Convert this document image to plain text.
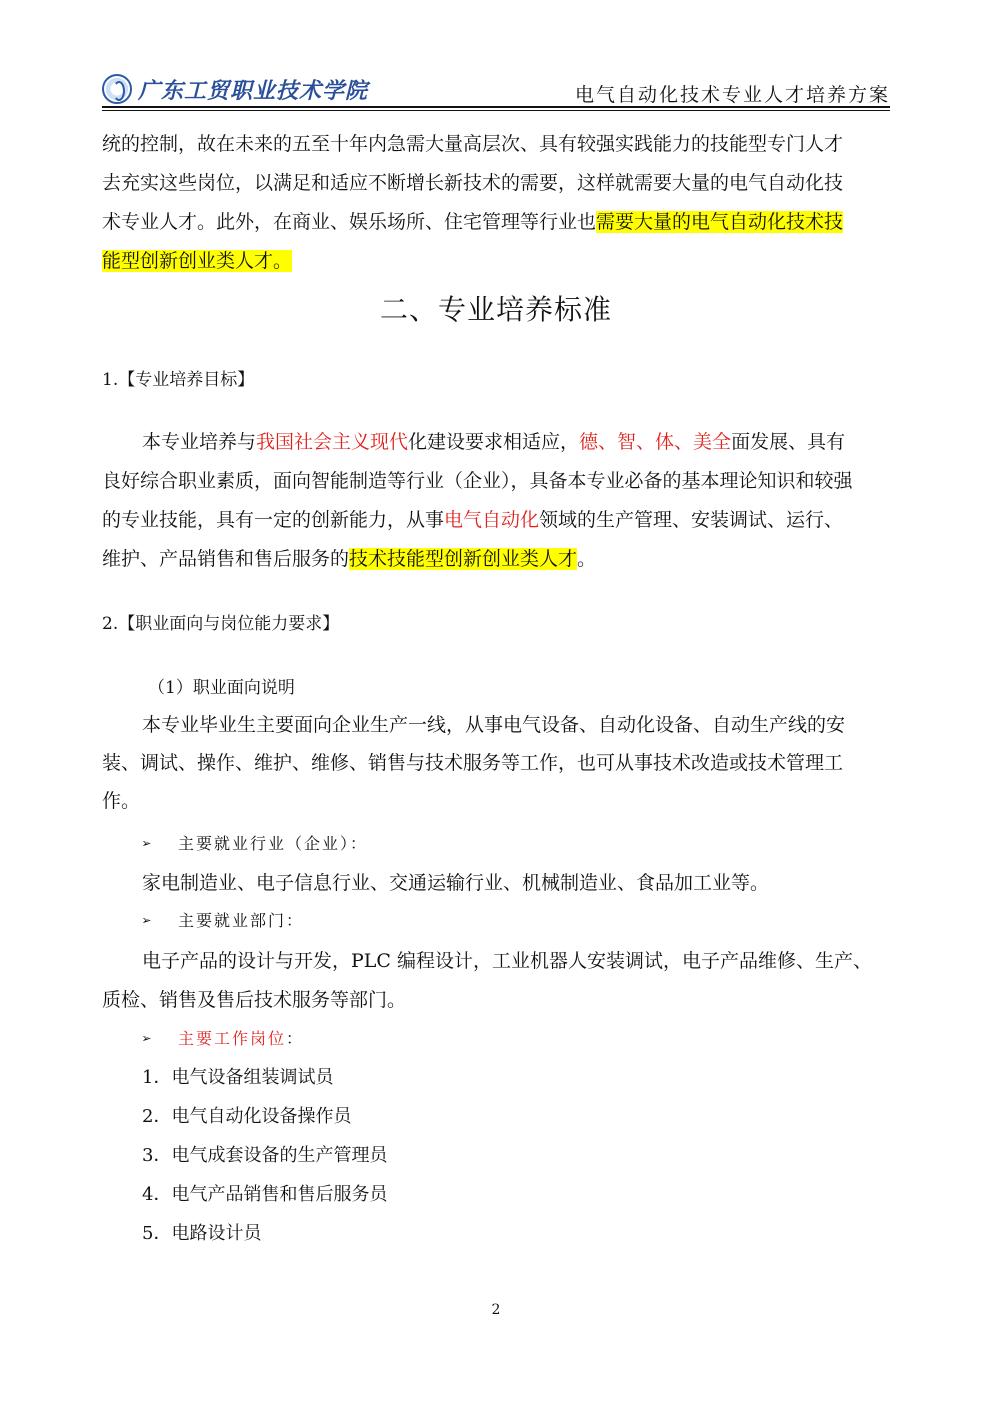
广东工贸职业技术学院	电气自动化技术专业人才培养方案
统的控制，故在未来的五至十年内急需大量高层次、具有较强实践能力的技能型专门人才
去充实这些岗位，以满足和适应不断增长新技术的需要，这样就需要大量的电气自动化技
术专业人才。此外，在商业、娱乐场所、住宅管理等行业也需要大量的电气自动化技术技
能型创新创业类人才。
二、专业培养标准
1.【专业培养目标】
本专业培养与我国社会主义现代化建设要求相适应，德、智、体、美全面发展、具有
良好综合职业素质，面向智能制造等行业（企业），具备本专业必备的基本理论知识和较强
的专业技能，具有一定的创新能力，从事电气自动化领域的生产管理、安装调试、运行、
维护、产品销售和售后服务的技术技能型创新创业类人才。
2.【职业面向与岗位能力要求】
（1）职业面向说明
本专业毕业生主要面向企业生产一线，从事电气设备、自动化设备、自动生产线的安
装、调试、操作、维护、维修、销售与技术服务等工作，也可从事技术改造或技术管理工
作。
➢ 主要就业行业（企业）：
家电制造业、电子信息行业、交通运输行业、机械制造业、食品加工业等。
➢ 主要就业部门：
电子产品的设计与开发，PLC 编程设计，工业机器人安装调试，电子产品维修、生产、
质检、销售及售后技术服务等部门。
➢ 主要工作岗位：
1．电气设备组装调试员
2．电气自动化设备操作员
3．电气成套设备的生产管理员
4．电气产品销售和售后服务员
5．电路设计员
2
